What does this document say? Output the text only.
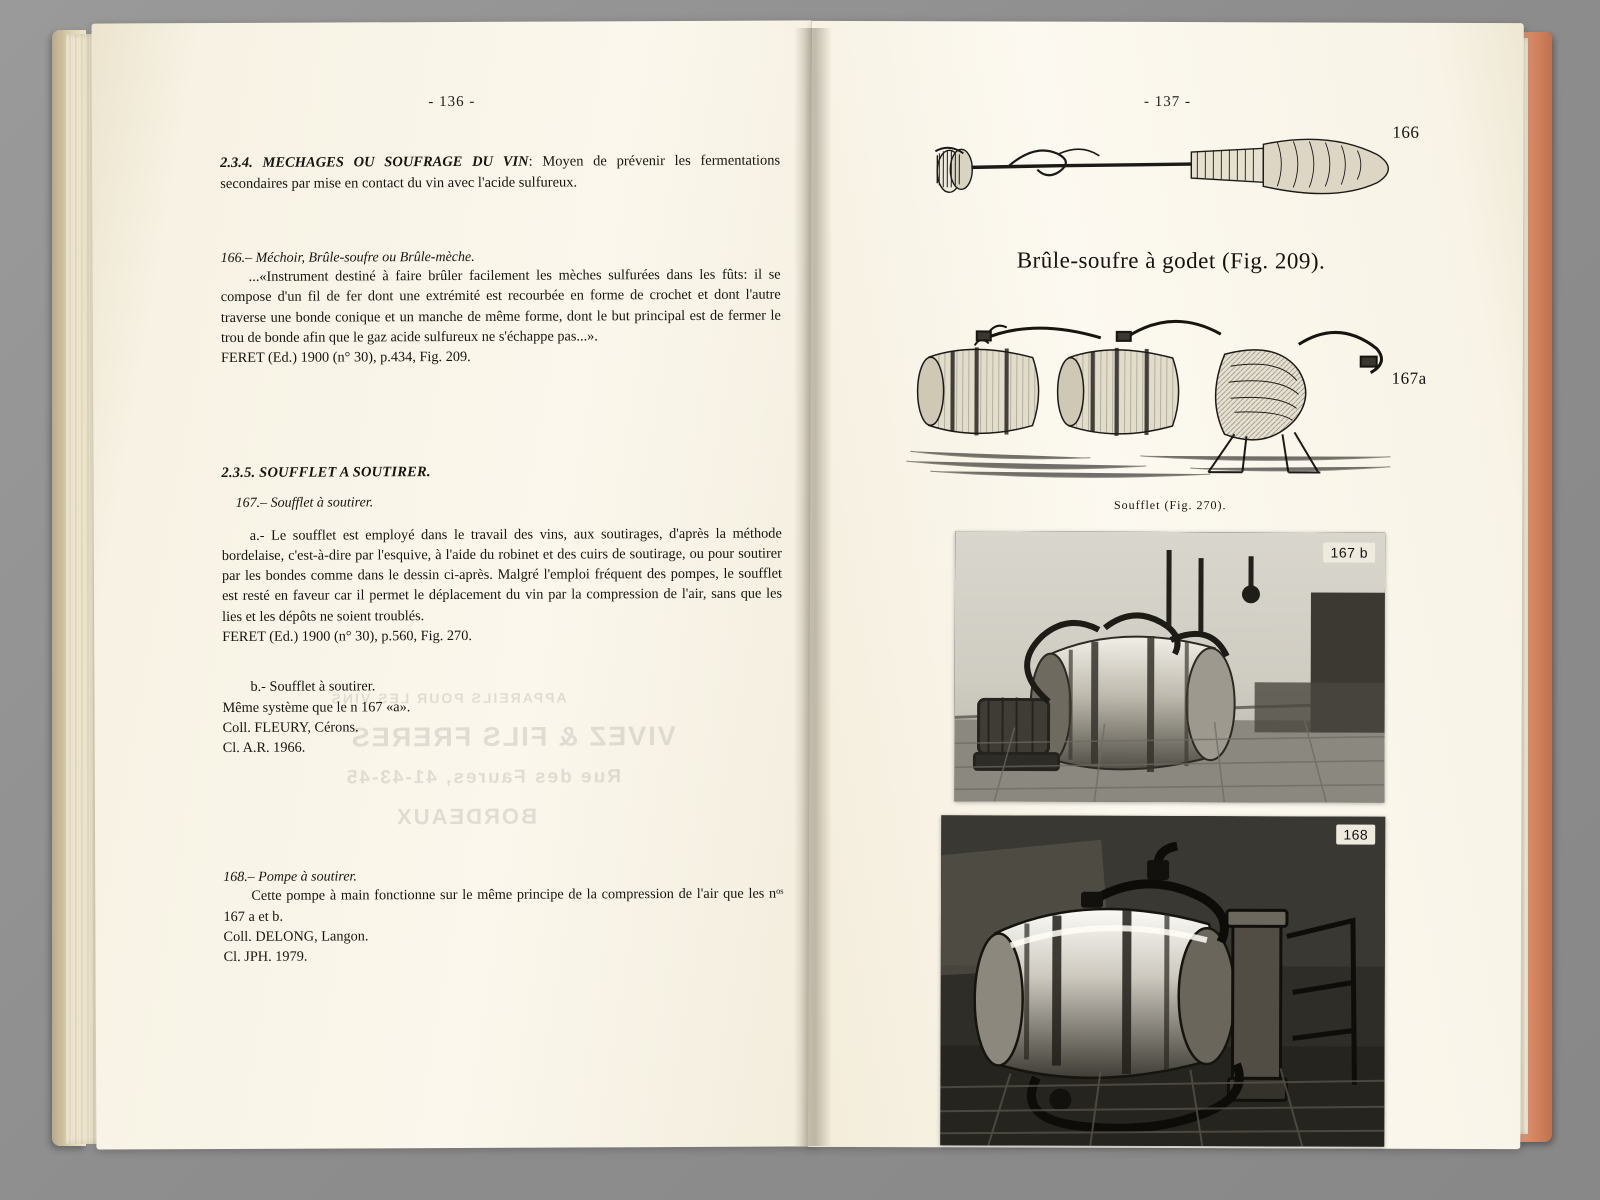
VIVEZ & FILS FRERES
Rue des Faures, 41-43-45
BORDEAUX
APPAREILS POUR LES VINS
- 136 -

2.3.4. MECHAGES OU SOUFRAGE DU VIN: Moyen de prévenir les fermentations secondaires par mise en contact du vin avec l'acide sulfureux.

166.– Méchoir, Brûle-soufre ou Brûle-mèche.

...«Instrument destiné à faire brûler facilement les mèches sulfurées dans les fûts: il se compose d'un fil de fer dont une extrémité est recourbée en forme de crochet et dont l'autre traverse une bonde conique et un manche de même forme, dont le but principal est de fermer le trou de bonde afin que le gaz acide sulfureux ne s'échappe pas...».

FERET (Ed.) 1900 (n° 30), p.434, Fig. 209.

2.3.5. SOUFFLET A SOUTIRER.

167.– Soufflet à soutirer.

a.- Le soufflet est employé dans le travail des vins, aux soutirages, d'après la méthode bordelaise, c'est-à-dire par l'esquive, à l'aide du robinet et des cuirs de soutirage, ou pour soutirer par les bondes comme dans le dessin ci-après. Malgré l'emploi fréquent des pompes, le soufflet est resté en faveur car il permet le déplacement du vin par la compression de l'air, sans que les lies et les dépôts ne soient troublés.

FERET (Ed.) 1900 (n° 30), p.560, Fig. 270.

b.- Soufflet à soutirer.

Même système que le n 167 «a».

Coll. FLEURY, Cérons.

Cl. A.R. 1966.

168.– Pompe à soutirer.

Cette pompe à main fonctionne sur le même principe de la compression de l'air que les nᵒˢ 167 a et b.

Coll. DELONG, Langon.

Cl. JPH. 1979.

- 137 -
166
Brûle-soufre à godet (Fig. 209).
167a
Soufflet (Fig. 270).
167 b
168
